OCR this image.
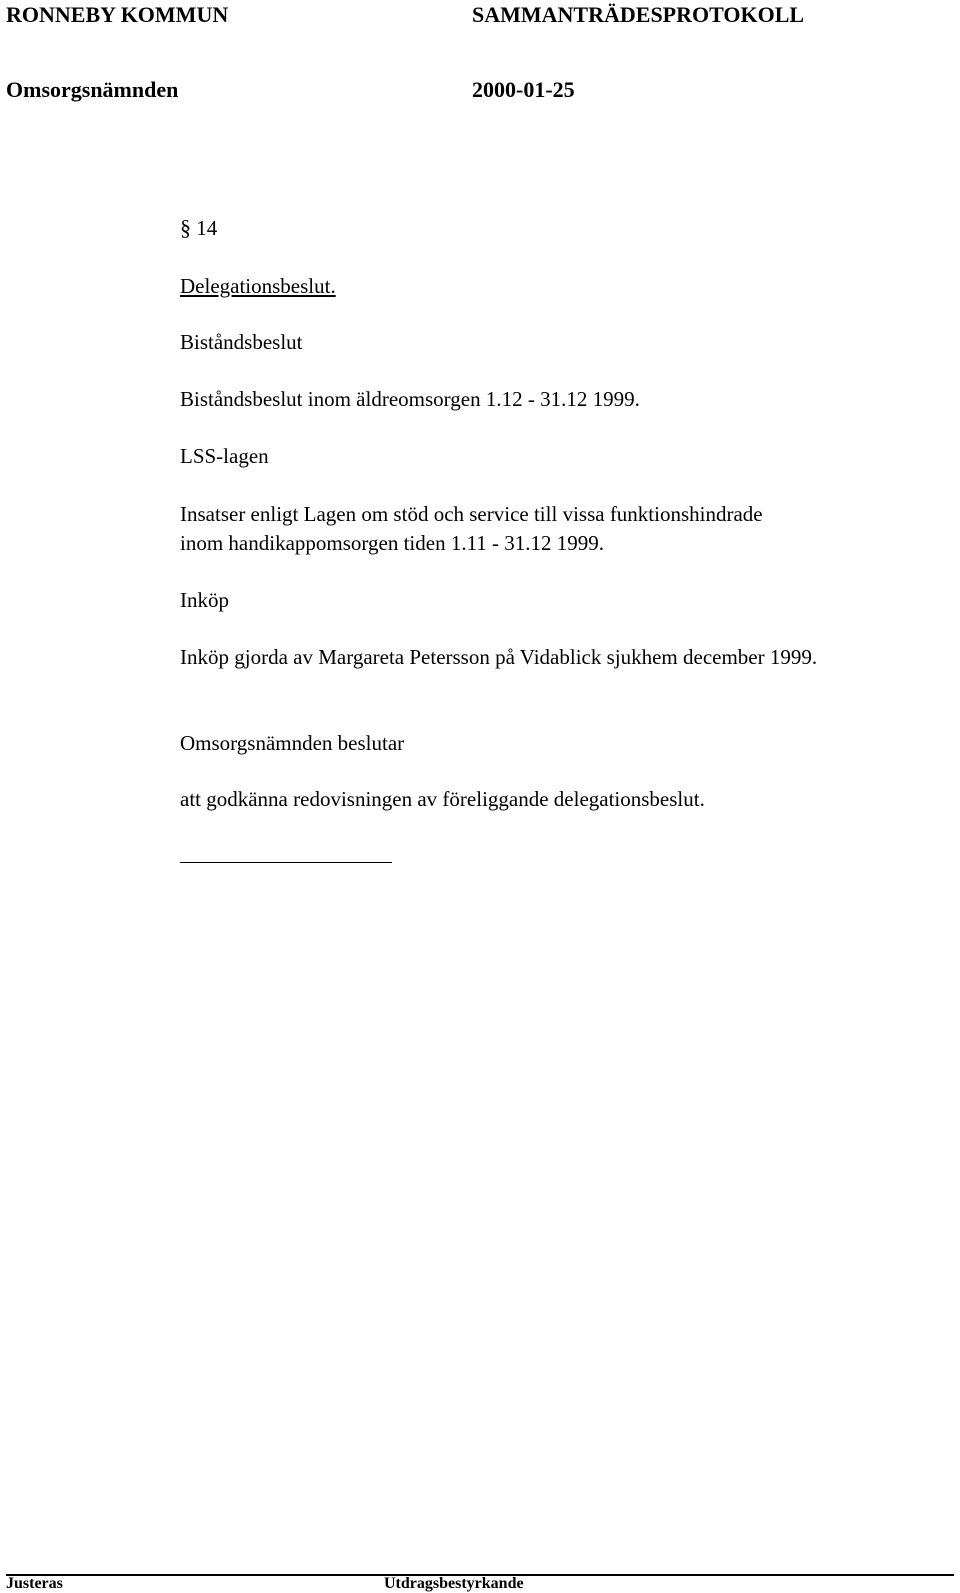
RONNEBY KOMMUN	SAMMANTRÄDESPROTOKOLL
Omsorgsnämnden	2000-01-25
§ 14
Delegationsbeslut.
Biståndsbeslut
Biståndsbeslut inom äldreomsorgen 1.12 - 31.12 1999.
LSS-lagen
Insatser enligt Lagen om stöd och service till vissa funktionshindrade
inom handikappomsorgen tiden 1.11 - 31.12 1999.
Inköp
Inköp gjorda av Margareta Petersson på Vidablick sjukhem december 1999.
Omsorgsnämnden beslutar
att godkänna redovisningen av föreliggande delegationsbeslut.
Justeras	Utdragsbestyrkande
